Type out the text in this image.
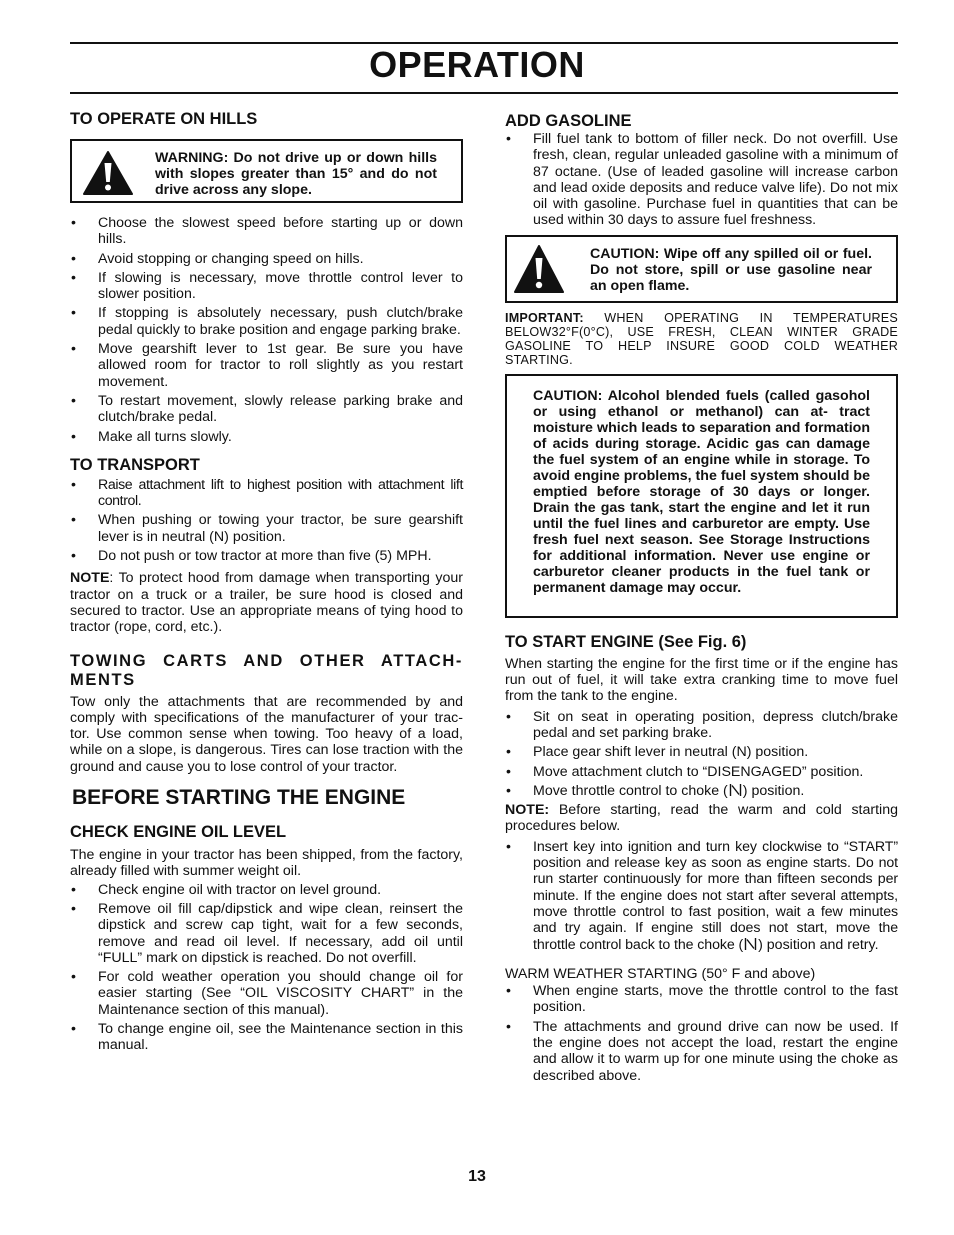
OPERATION
TO OPERATE ON HILLS
WARNING: Do not drive up or down hills with slopes greater than 15° and do not drive across any slope.
• Choose the slowest speed before starting up or down hills.
• Avoid stopping or changing speed on hills.
• If slowing is necessary, move throttle control lever to slower position.
• If stopping is absolutely necessary, push clutch/brake pedal quickly to brake position and engage parking brake.
• Move gearshift lever to 1st gear. Be sure you have allowed room for tractor to roll slightly as you restart movement.
• To restart movement, slowly release parking brake and clutch/brake pedal.
• Make all turns slowly.
TO TRANSPORT
• Raise attachment lift to highest position with attachment lift control.
• When pushing or towing your tractor, be sure gearshift lever is in neutral (N) position.
• Do not push or tow tractor at more than five (5) MPH.

NOTE: To protect hood from damage when transporting your tractor on a truck or a trailer, be sure hood is closed and secured to tractor. Use an appropriate means of tying hood to tractor (rope, cord, etc.).

TOWING CARTS AND OTHER ATTACH- MENTS

Tow only the attachments that are recommended by and comply with specifications of the manufacturer of your trac- tor. Use common sense when towing. Too heavy of a load, while on a slope, is dangerous. Tires can lose traction with the ground and cause you to lose control of your tractor.

BEFORE STARTING THE ENGINE
CHECK ENGINE OIL LEVEL

The engine in your tractor has been shipped, from the factory, already filled with summer weight oil.

• Check engine oil with tractor on level ground.
• Remove oil fill cap/dipstick and wipe clean, reinsert the dipstick and screw cap tight, wait for a few seconds, remove and read oil level. If necessary, add oil until “FULL” mark on dipstick is reached. Do not overfill.
• For cold weather operation you should change oil for easier starting (See “OIL VISCOSITY CHART” in the Maintenance section of this manual).
• To change engine oil, see the Maintenance section in this manual.
ADD GASOLINE
• Fill fuel tank to bottom of filler neck. Do not overfill. Use fresh, clean, regular unleaded gasoline with a minimum of 87 octane. (Use of leaded gasoline will increase carbon and lead oxide deposits and reduce valve life). Do not mix oil with gasoline. Purchase fuel in quantities that can be used within 30 days to assure fuel freshness.
CAUTION: Wipe off any spilled oil or fuel. Do not store, spill or use gasoline near an open flame.

IMPORTANT: WHEN OPERATING IN TEMPERATURES BELOW32°F(0°C), USE FRESH, CLEAN WINTER GRADE GASOLINE TO HELP INSURE GOOD COLD WEATHER STARTING.

CAUTION: Alcohol blended fuels (called gasohol or using ethanol or methanol) can at- tract moisture which leads to separation and formation of acids during storage. Acidic gas can damage the fuel system of an engine while in storage. To avoid engine problems, the fuel system should be emptied before storage of 30 days or longer. Drain the gas tank, start the engine and let it run until the fuel lines and carburetor are empty. Use fresh fuel next season. See Storage Instructions for additional information. Never use engine or carburetor cleaner products in the fuel tank or permanent damage may occur.
TO START ENGINE (See Fig. 6)

When starting the engine for the first time or if the engine has run out of fuel, it will take extra cranking time to move fuel from the tank to the engine.

• Sit on seat in operating position, depress clutch/brake pedal and set parking brake.
• Place gear shift lever in neutral (N) position.
• Move attachment clutch to “DISENGAGED” position.
• Move throttle control to choke ( ) position.

NOTE: Before starting, read the warm and cold starting procedures below.

• Insert key into ignition and turn key clockwise to “START” position and release key as soon as engine starts. Do not run starter continuously for more than fifteen seconds per minute. If the engine does not start after several attempts, move throttle control to fast position, wait a few minutes and try again. If engine still does not start, move the throttle control back to the choke ( ) position and retry.

WARM WEATHER STARTING (50° F and above)

• When engine starts, move the throttle control to the fast position.
• The attachments and ground drive can now be used. If the engine does not accept the load, restart the engine and allow it to warm up for one minute using the choke as described above.
13
